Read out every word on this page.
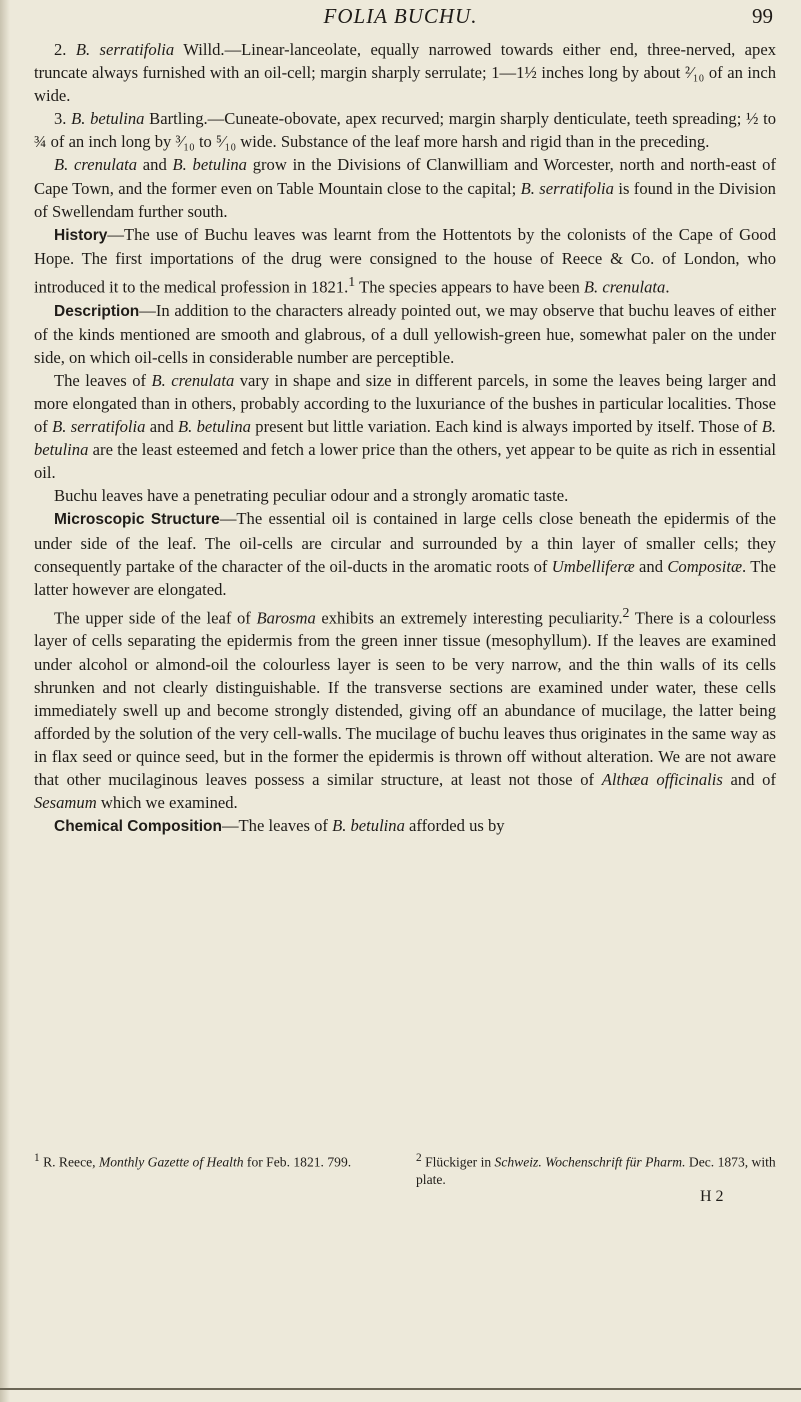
FOLIA BUCHU.	99

2. B. serratifolia Willd.—Linear-lanceolate, equally narrowed towards either end, three-nerved, apex truncate always furnished with an oil-cell; margin sharply serrulate; 1—1½ inches long by about ²⁄₁₀ of an inch wide.

3. B. betulina Bartling.—Cuneate-obovate, apex recurved; margin sharply denticulate, teeth spreading; ½ to ¾ of an inch long by ³⁄₁₀ to ⁵⁄₁₀ wide. Substance of the leaf more harsh and rigid than in the preceding.

B. crenulata and B. betulina grow in the Divisions of Clanwilliam and Worcester, north and north-east of Cape Town, and the former even on Table Mountain close to the capital; B. serratifolia is found in the Division of Swellendam further south.

History—The use of Buchu leaves was learnt from the Hottentots by the colonists of the Cape of Good Hope. The first importations of the drug were consigned to the house of Reece & Co. of London, who introduced it to the medical profession in 1821.$^1$ The species appears to have been B. crenulata.

Description—In addition to the characters already pointed out, we may observe that buchu leaves of either of the kinds mentioned are smooth and glabrous, of a dull yellowish-green hue, somewhat paler on the under side, on which oil-cells in considerable number are perceptible.

The leaves of B. crenulata vary in shape and size in different parcels, in some the leaves being larger and more elongated than in others, probably according to the luxuriance of the bushes in particular localities. Those of B. serratifolia and B. betulina present but little variation. Each kind is always imported by itself. Those of B. betulina are the least esteemed and fetch a lower price than the others, yet appear to be quite as rich in essential oil.

Buchu leaves have a penetrating peculiar odour and a strongly aromatic taste.

Microscopic Structure—The essential oil is contained in large cells close beneath the epidermis of the under side of the leaf. The oil-cells are circular and surrounded by a thin layer of smaller cells; they consequently partake of the character of the oil-ducts in the aromatic roots of Umbelliferæ and Compositæ. The latter however are elongated.

The upper side of the leaf of Barosma exhibits an extremely interesting peculiarity.$^2$ There is a colourless layer of cells separating the epidermis from the green inner tissue (mesophyllum). If the leaves are examined under alcohol or almond-oil the colourless layer is seen to be very narrow, and the thin walls of its cells shrunken and not clearly distinguishable. If the transverse sections are examined under water, these cells immediately swell up and become strongly distended, giving off an abundance of mucilage, the latter being afforded by the solution of the very cell-walls. The mucilage of buchu leaves thus originates in the same way as in flax seed or quince seed, but in the former the epidermis is thrown off without alteration. We are not aware that other mucilaginous leaves possess a similar structure, at least not those of Althæa officinalis and of Sesamum which we examined.

Chemical Composition—The leaves of B. betulina afforded us by

$^1$ R. Reece, Monthly Gazette of Health for Feb. 1821. 799.	$^2$ Flückiger in Schweiz. Wochenschrift für Pharm. Dec. 1873, with plate.
H 2
